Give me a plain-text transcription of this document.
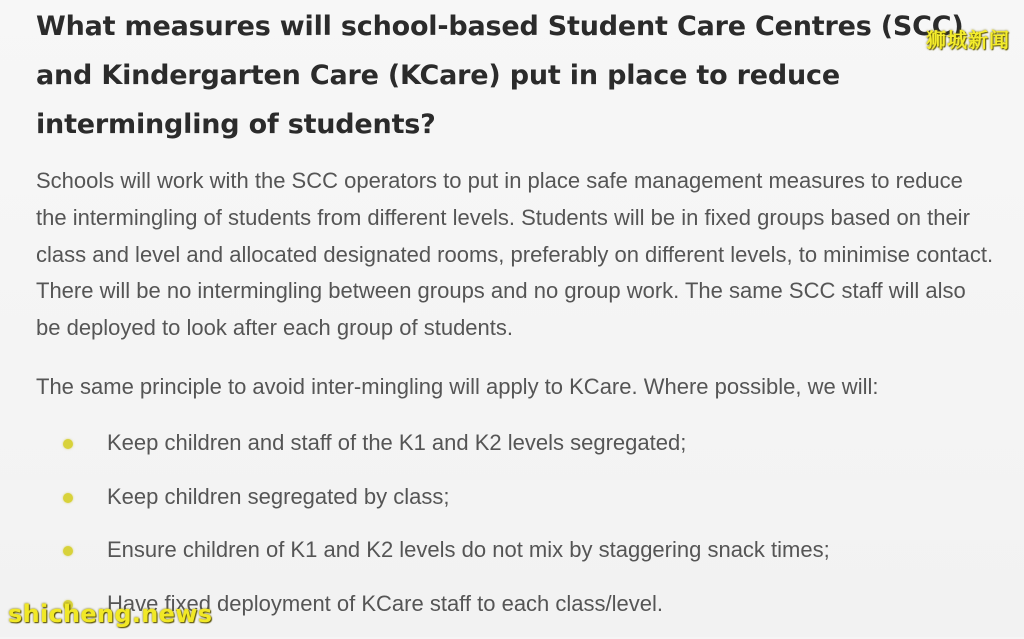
What measures will school-based Student Care Centres (SCC) and Kindergarten Care (KCare) put in place to reduce intermingling of students?

Schools will work with the SCC operators to put in place safe management measures to reduce the intermingling of students from different levels. Students will be in fixed groups based on their class and level and allocated designated rooms, preferably on different levels, to minimise contact. There will be no intermingling between groups and no group work. The same SCC staff will also be deployed to look after each group of students.

The same principle to avoid inter-mingling will apply to KCare. Where possible, we will:

Keep children and staff of the K1 and K2 levels segregated;
Keep children segregated by class;
Ensure children of K1 and K2 levels do not mix by staggering snack times;
Have fixed deployment of KCare staff to each class/level.
狮城新闻
shicheng.news
